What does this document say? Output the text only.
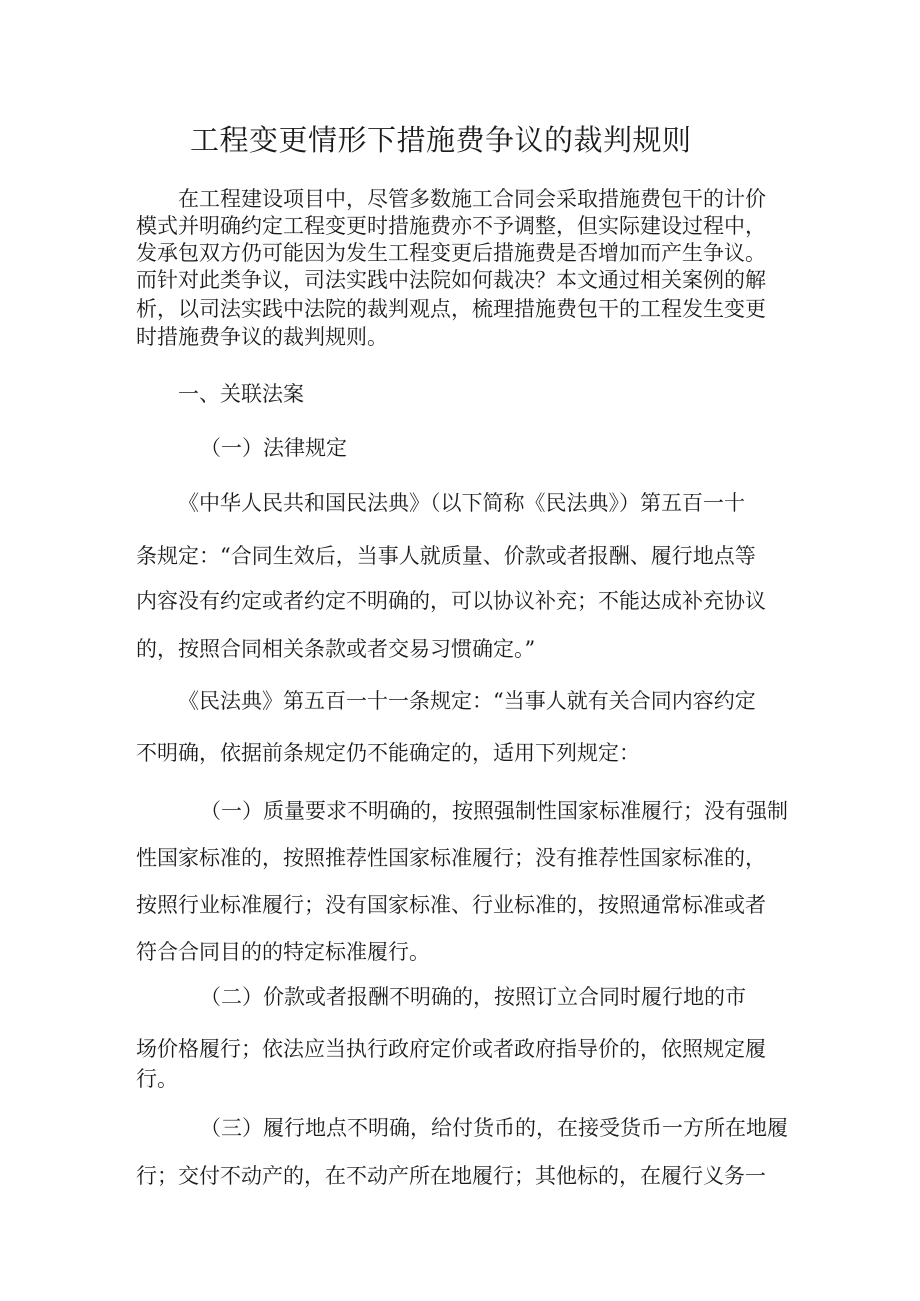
工程变更情形下措施费争议的裁判规则

在工程建设项目中，尽管多数施工合同会采取措施费包干的计价

模式并明确约定工程变更时措施费亦不予调整，但实际建设过程中，

发承包双方仍可能因为发生工程变更后措施费是否增加而产生争议。

而针对此类争议，司法实践中法院如何裁决？本文通过相关案例的解

析，以司法实践中法院的裁判观点，梳理措施费包干的工程发生变更

时措施费争议的裁判规则。

一、关联法案

（一）法律规定

《中华人民共和国民法典》（以下简称《民法典》）第五百一十

条规定：“合同生效后，当事人就质量、价款或者报酬、履行地点等

内容没有约定或者约定不明确的，可以协议补充；不能达成补充协议

的，按照合同相关条款或者交易习惯确定。”

《民法典》第五百一十一条规定：“当事人就有关合同内容约定

不明确，依据前条规定仍不能确定的，适用下列规定：

（一）质量要求不明确的，按照强制性国家标准履行；没有强制

性国家标准的，按照推荐性国家标准履行；没有推荐性国家标准的，

按照行业标准履行；没有国家标准、行业标准的，按照通常标准或者

符合合同目的的特定标准履行。

（二）价款或者报酬不明确的，按照订立合同时履行地的市

场价格履行；依法应当执行政府定价或者政府指导价的，依照规定履

行。

（三）履行地点不明确，给付货币的，在接受货币一方所在地履

行；交付不动产的，在不动产所在地履行；其他标的，在履行义务一
